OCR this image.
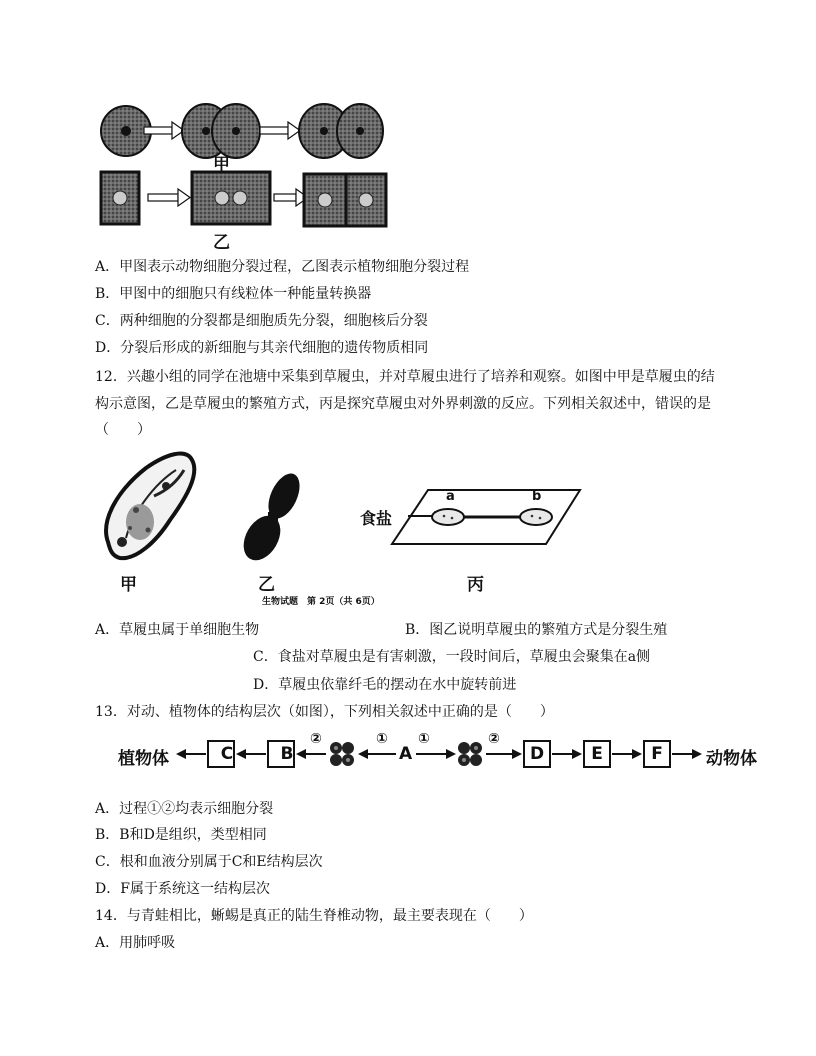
甲
乙
A．甲图表示动物细胞分裂过程，乙图表示植物细胞分裂过程
B．甲图中的细胞只有线粒体一种能量转换器
C．两种细胞的分裂都是细胞质先分裂，细胞核后分裂
D．分裂后形成的新细胞与其亲代细胞的遗传物质相同
12．兴趣小组的同学在池塘中采集到草履虫，并对草履虫进行了培养和观察。如图中甲是草履虫的结
构示意图，乙是草履虫的繁殖方式，丙是探究草履虫对外界刺激的反应。下列相关叙述中，错误的是
（　　）
甲	乙
食盐
a	b
丙
生物试题　第 2页（共 6页）
A．草履虫属于单细胞生物	B．图乙说明草履虫的繁殖方式是分裂生殖
C．食盐对草履虫是有害刺激，一段时间后，草履虫会聚集在a侧
D．草履虫依靠纤毛的摆动在水中旋转前进
13．对动、植物体的结构层次（如图），下列相关叙述中正确的是（　　）
植物体	C	B	D	E	F
②	①
A
①	②
动物体
A．过程①②均表示细胞分裂
B．B和D是组织，类型相同
C．根和血液分别属于C和E结构层次
D．F属于系统这一结构层次
14．与青蛙相比，蜥蜴是真正的陆生脊椎动物，最主要表现在（　　）
A．用肺呼吸
